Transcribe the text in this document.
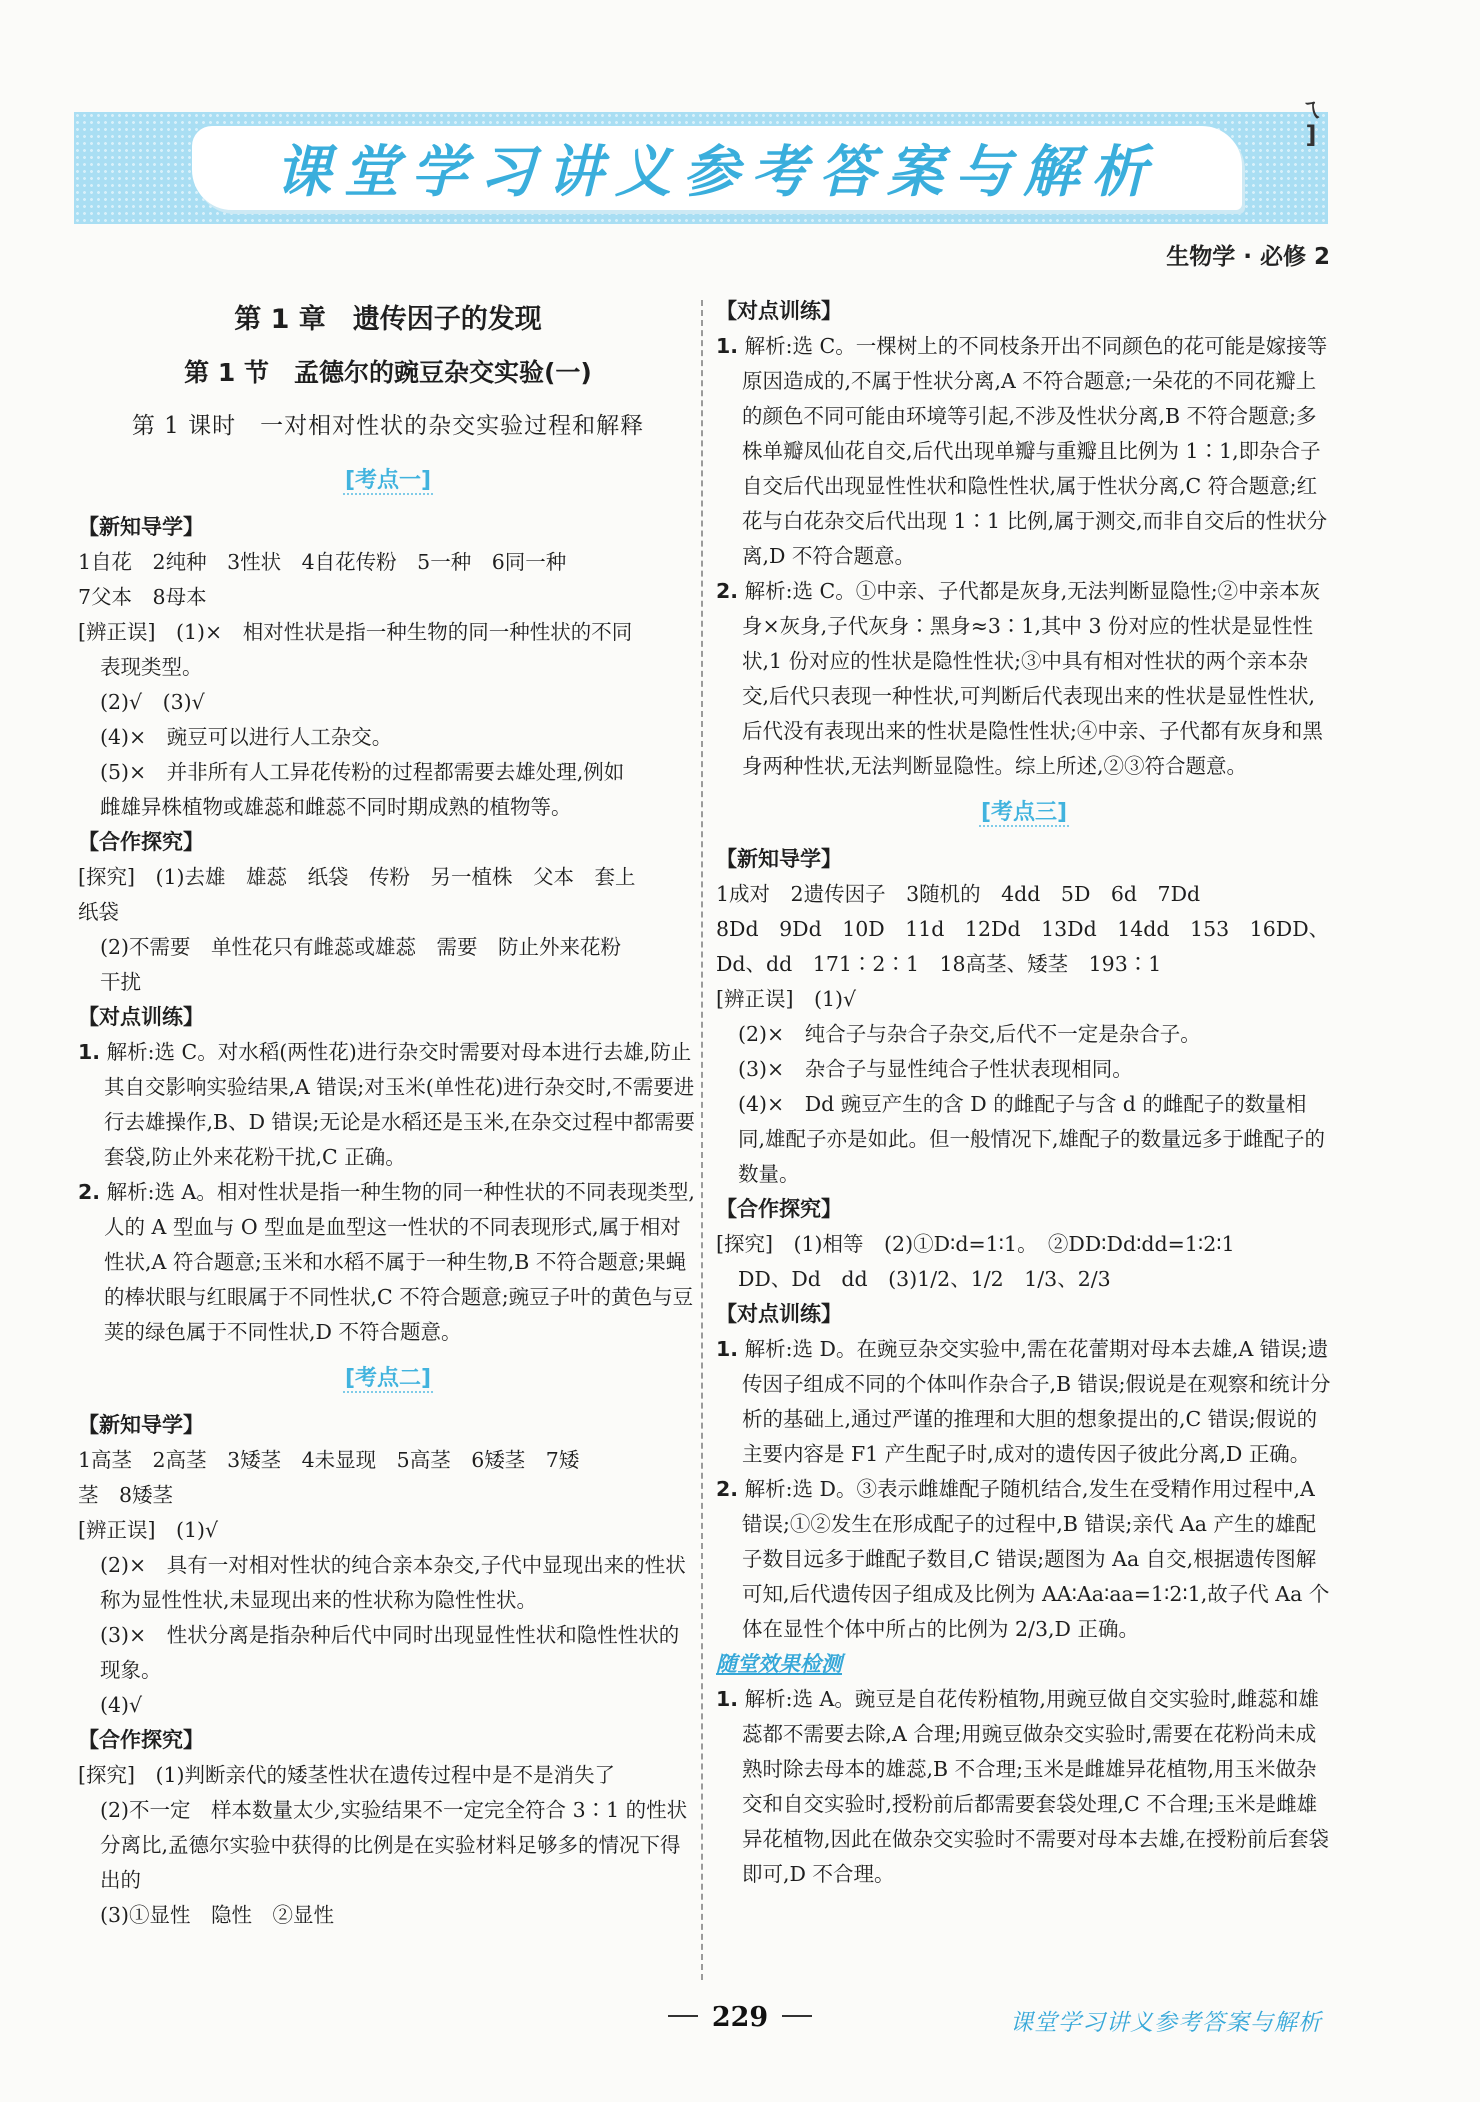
课堂学习讲义参考答案与解析
ㄟ
]
生物学 · 必修 2
第 1 章　遗传因子的发现
第 1 节　孟德尔的豌豆杂交实验(一)
第 1 课时　一对相对性状的杂交实验过程和解释
[考点一]

【新知导学】

1自花　2纯种　3性状　4自花传粉　5一种　6同一种

7父本　8母本

[辨正误]　(1)×　相对性状是指一种生物的同一种性状的不同

表现类型。

(2)√　(3)√

(4)×　豌豆可以进行人工杂交。

(5)×　并非所有人工异花传粉的过程都需要去雄处理,例如

雌雄异株植物或雄蕊和雌蕊不同时期成熟的植物等。

【合作探究】

[探究]　(1)去雄　雄蕊　纸袋　传粉　另一植株　父本　套上

纸袋

(2)不需要　单性花只有雌蕊或雄蕊　需要　防止外来花粉

干扰

【对点训练】

1. 解析:选 C。对水稻(两性花)进行杂交时需要对母本进行去雄,防止其自交影响实验结果,A 错误;对玉米(单性花)进行杂交时,不需要进行去雄操作,B、D 错误;无论是水稻还是玉米,在杂交过程中都需要套袋,防止外来花粉干扰,C 正确。

2. 解析:选 A。相对性状是指一种生物的同一种性状的不同表现类型,人的 A 型血与 O 型血是血型这一性状的不同表现形式,属于相对性状,A 符合题意;玉米和水稻不属于一种生物,B 不符合题意;果蝇的棒状眼与红眼属于不同性状,C 不符合题意;豌豆子叶的黄色与豆荚的绿色属于不同性状,D 不符合题意。

[考点二]

【新知导学】

1高茎　2高茎　3矮茎　4未显现　5高茎　6矮茎　7矮

茎　8矮茎

[辨正误]　(1)√

(2)×　具有一对相对性状的纯合亲本杂交,子代中显现出来的性状称为显性性状,未显现出来的性状称为隐性性状。

(3)×　性状分离是指杂种后代中同时出现显性性状和隐性性状的现象。

(4)√

【合作探究】

[探究]　(1)判断亲代的矮茎性状在遗传过程中是不是消失了

(2)不一定　样本数量太少,实验结果不一定完全符合 3∶1 的性状分离比,孟德尔实验中获得的比例是在实验材料足够多的情况下得出的

(3)①显性　隐性　②显性

【对点训练】

1. 解析:选 C。一棵树上的不同枝条开出不同颜色的花可能是嫁接等原因造成的,不属于性状分离,A 不符合题意;一朵花的不同花瓣上的颜色不同可能由环境等引起,不涉及性状分离,B 不符合题意;多株单瓣凤仙花自交,后代出现单瓣与重瓣且比例为 1∶1,即杂合子自交后代出现显性性状和隐性性状,属于性状分离,C 符合题意;红花与白花杂交后代出现 1∶1 比例,属于测交,而非自交后的性状分离,D 不符合题意。

2. 解析:选 C。①中亲、子代都是灰身,无法判断显隐性;②中亲本灰身×灰身,子代灰身∶黑身≈3∶1,其中 3 份对应的性状是显性性状,1 份对应的性状是隐性性状;③中具有相对性状的两个亲本杂交,后代只表现一种性状,可判断后代表现出来的性状是显性性状,后代没有表现出来的性状是隐性性状;④中亲、子代都有灰身和黑身两种性状,无法判断显隐性。综上所述,②③符合题意。

[考点三]

【新知导学】

1成对　2遗传因子　3随机的　4dd　5D　6d　7Dd

8Dd　9Dd　10D　11d　12Dd　13Dd　14dd　153　16DD、

Dd、dd　171∶2∶1　18高茎、矮茎　193∶1

[辨正误]　(1)√

(2)×　纯合子与杂合子杂交,后代不一定是杂合子。

(3)×　杂合子与显性纯合子性状表现相同。

(4)×　Dd 豌豆产生的含 D 的雌配子与含 d 的雌配子的数量相同,雄配子亦是如此。但一般情况下,雄配子的数量远多于雌配子的数量。

【合作探究】

[探究]　(1)相等　(2)①D∶d=1∶1。　②DD∶Dd∶dd=1∶2∶1

DD、Dd　dd　(3)1/2、1/2　1/3、2/3

【对点训练】

1. 解析:选 D。在豌豆杂交实验中,需在花蕾期对母本去雄,A 错误;遗传因子组成不同的个体叫作杂合子,B 错误;假说是在观察和统计分析的基础上,通过严谨的推理和大胆的想象提出的,C 错误;假说的主要内容是 F1 产生配子时,成对的遗传因子彼此分离,D 正确。

2. 解析:选 D。③表示雌雄配子随机结合,发生在受精作用过程中,A 错误;①②发生在形成配子的过程中,B 错误;亲代 Aa 产生的雄配子数目远多于雌配子数目,C 错误;题图为 Aa 自交,根据遗传图解可知,后代遗传因子组成及比例为 AA∶Aa∶aa=1∶2∶1,故子代 Aa 个体在显性个体中所占的比例为 2/3,D 正确。

随堂效果检测

1. 解析:选 A。豌豆是自花传粉植物,用豌豆做自交实验时,雌蕊和雄蕊都不需要去除,A 合理;用豌豆做杂交实验时,需要在花粉尚未成熟时除去母本的雄蕊,B 不合理;玉米是雌雄异花植物,用玉米做杂交和自交实验时,授粉前后都需要套袋处理,C 不合理;玉米是雌雄异花植物,因此在做杂交实验时不需要对母本去雄,在授粉前后套袋即可,D 不合理。

229	课堂学习讲义参考答案与解析
